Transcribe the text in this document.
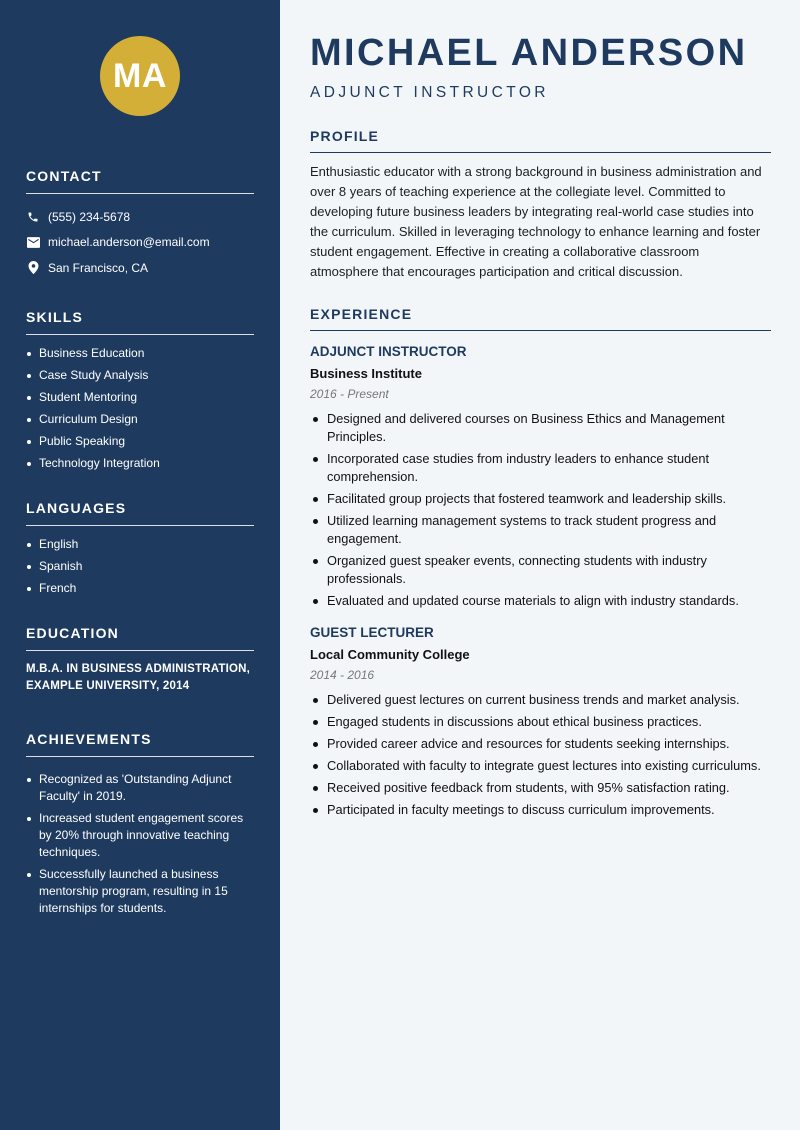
MA
CONTACT
(555) 234-5678
michael.anderson@email.com
San Francisco, CA
SKILLS
Business Education
Case Study Analysis
Student Mentoring
Curriculum Design
Public Speaking
Technology Integration
LANGUAGES
English
Spanish
French
EDUCATION
M.B.A. IN BUSINESS ADMINISTRATION, EXAMPLE UNIVERSITY, 2014
ACHIEVEMENTS
Recognized as 'Outstanding Adjunct Faculty' in 2019.
Increased student engagement scores by 20% through innovative teaching techniques.
Successfully launched a business mentorship program, resulting in 15 internships for students.
MICHAEL ANDERSON
ADJUNCT INSTRUCTOR
PROFILE

Enthusiastic educator with a strong background in business administration and over 8 years of teaching experience at the collegiate level. Committed to developing future business leaders by integrating real-world case studies into the curriculum. Skilled in leveraging technology to enhance learning and foster student engagement. Effective in creating a collaborative classroom atmosphere that encourages participation and critical discussion.

EXPERIENCE
ADJUNCT INSTRUCTOR
Business Institute
2016 - Present
Designed and delivered courses on Business Ethics and Management Principles.
Incorporated case studies from industry leaders to enhance student comprehension.
Facilitated group projects that fostered teamwork and leadership skills.
Utilized learning management systems to track student progress and engagement.
Organized guest speaker events, connecting students with industry professionals.
Evaluated and updated course materials to align with industry standards.
GUEST LECTURER
Local Community College
2014 - 2016
Delivered guest lectures on current business trends and market analysis.
Engaged students in discussions about ethical business practices.
Provided career advice and resources for students seeking internships.
Collaborated with faculty to integrate guest lectures into existing curriculums.
Received positive feedback from students, with 95% satisfaction rating.
Participated in faculty meetings to discuss curriculum improvements.
